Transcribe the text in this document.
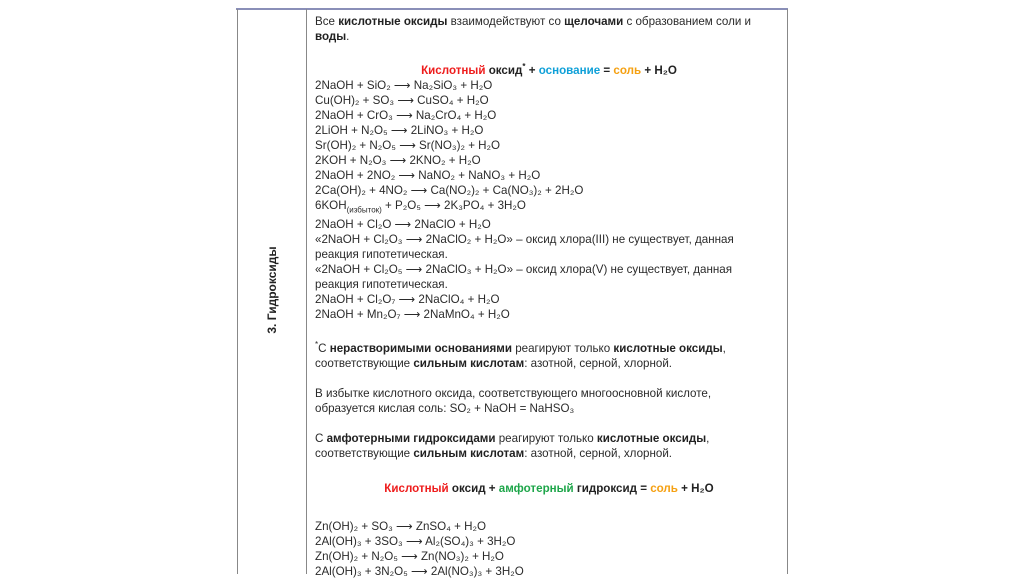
3. Гидроксиды

Все кислотные оксиды взаимодействуют со щелочами с образованием соли и

воды.

Кислотный оксид* + основание = соль + H₂O

2NaOH + SiO₂ ⟶ Na₂SiO₃ + H₂O

Cu(OH)₂ + SO₃ ⟶ CuSO₄ + H₂O

2NaOH + CrO₃ ⟶ Na₂CrO₄ + H₂O

2LiOH + N₂O₅ ⟶ 2LiNO₃ + H₂O

Sr(OH)₂ + N₂O₅ ⟶ Sr(NO₃)₂ + H₂O

2KOH + N₂O₃ ⟶ 2KNO₂ + H₂O

2NaOH + 2NO₂ ⟶ NaNO₂ + NaNO₃ + H₂O

2Ca(OH)₂ + 4NO₂ ⟶ Ca(NO₂)₂ + Ca(NO₃)₂ + 2H₂O

$6KOH_{(избыток)} + P_2O_5$ ⟶ 2K₃PO₄ + 3H₂O

2NaOH + Cl₂O ⟶ 2NaClO + H₂O

«2NaOH + Cl₂O₃ ⟶ 2NaClO₂ + H₂O» – оксид хлора(III) не существует, данная

реакция гипотетическая.

«2NaOH + Cl₂O₅ ⟶ 2NaClO₃ + H₂O» – оксид хлора(V) не существует, данная

реакция гипотетическая.

2NaOH + Cl₂O₇ ⟶ 2NaClO₄ + H₂O

2NaOH + Mn₂O₇ ⟶ 2NaMnO₄ + H₂O

*С нерастворимыми основаниями реагируют только кислотные оксиды,

соответствующие сильным кислотам: азотной, серной, хлорной.

В избытке кислотного оксида, соответствующего многоосновной кислоте,

образуется кислая соль: SO₂ + NaOH = NaHSO₃

С амфотерными гидроксидами реагируют только кислотные оксиды,

соответствующие сильным кислотам: азотной, серной, хлорной.

Кислотный оксид + амфотерный гидроксид = соль + H₂O

Zn(OH)₂ + SO₃ ⟶ ZnSO₄ + H₂O

2Al(OH)₃ + 3SO₃ ⟶ Al₂(SO₄)₃ + 3H₂O

Zn(OH)₂ + N₂O₅ ⟶ Zn(NO₃)₂ + H₂O

2Al(OH)₃ + 3N₂O₅ ⟶ 2Al(NO₃)₃ + 3H₂O
